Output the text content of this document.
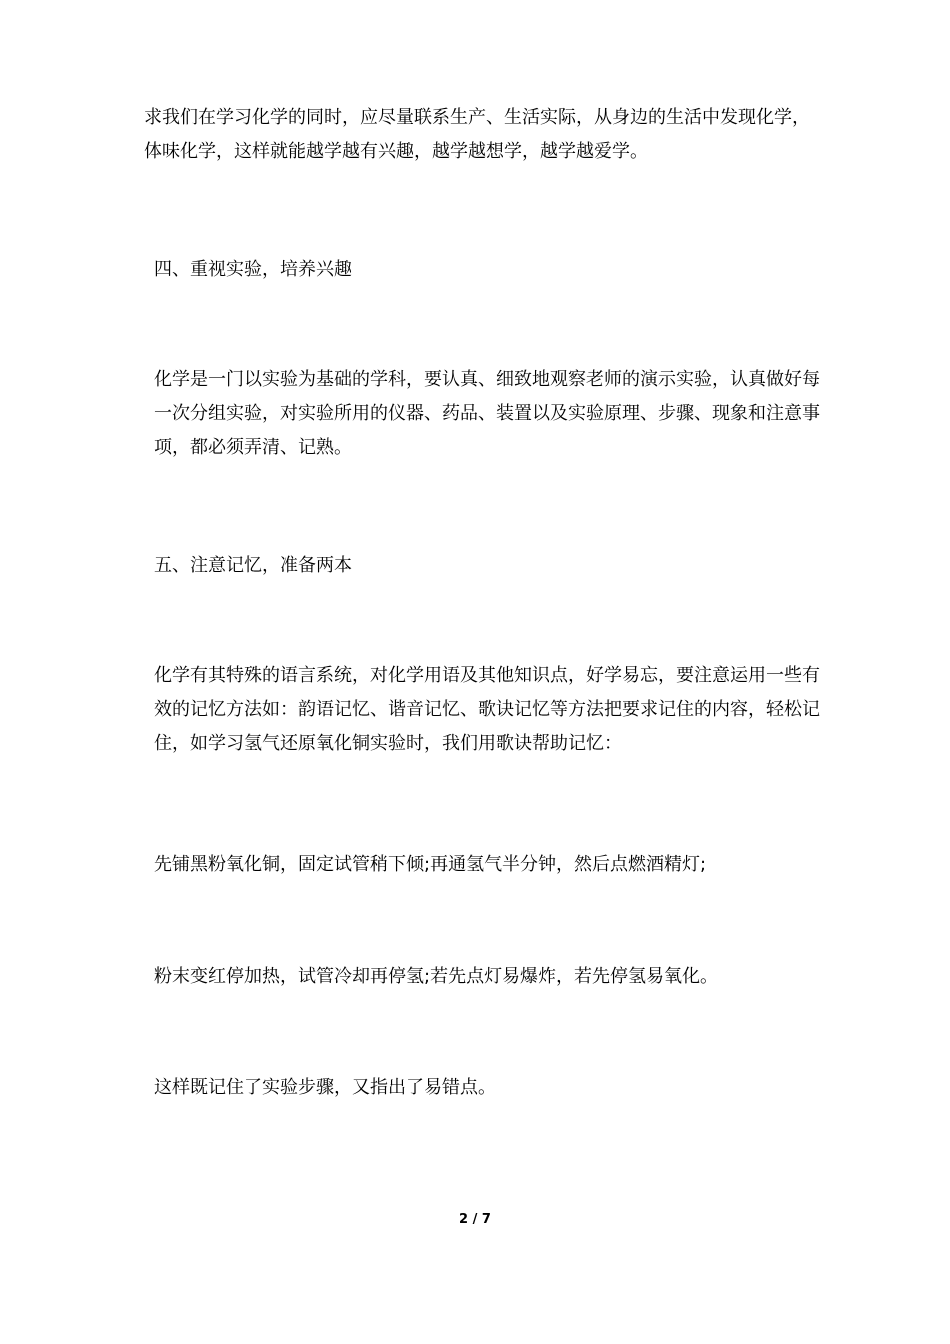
求我们在学习化学的同时，应尽量联系生产、生活实际，从身边的生活中发现化学，体味化学，这样就能越学越有兴趣，越学越想学，越学越爱学。

四、重视实验，培养兴趣

化学是一门以实验为基础的学科，要认真、细致地观察老师的演示实验，认真做好每一次分组实验，对实验所用的仪器、药品、装置以及实验原理、步骤、现象和注意事项，都必须弄清、记熟。

五、注意记忆，准备两本

化学有其特殊的语言系统，对化学用语及其他知识点，好学易忘，要注意运用一些有效的记忆方法如：韵语记忆、谐音记忆、歌诀记忆等方法把要求记住的内容，轻松记住，如学习氢气还原氧化铜实验时，我们用歌诀帮助记忆：

先铺黑粉氧化铜，固定试管稍下倾;再通氢气半分钟，然后点燃酒精灯;

粉末变红停加热，试管冷却再停氢;若先点灯易爆炸，若先停氢易氧化。

这样既记住了实验步骤，又指出了易错点。

2 / 7
